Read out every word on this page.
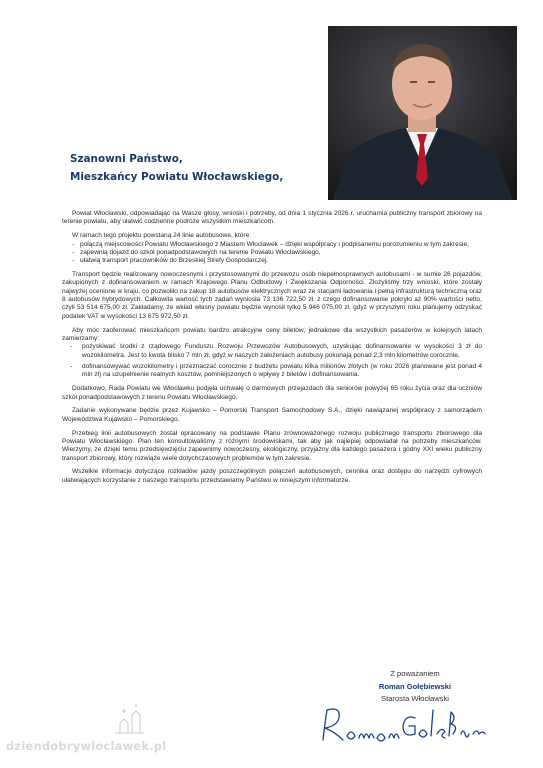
Szanowni Państwo,
Mieszkańcy Powiatu Włocławskiego,

Powiat Włocławski, odpowiadając na Wasze głosy, wnioski i potrzeby, od dnia 1 stycznia 2026 r. uruchamia publiczny transport zbiorowy na terenie powiatu, aby ułatwić codzienne podróże wszystkim mieszkańcom.

W ramach tego projektu powstaną 24 linie autobusowe, które:

- połączą miejscowości Powiatu Włocławskiego z Miastem Włocławek – dzięki współpracy i podpisanemu porozumieniu w tym zakresie,
- zapewnią dojazd do szkół ponadpodstawowych na terenie Powiatu Włocławskiego,
- ułatwią transport pracowników do Brzeskiej Strefy Gospodarczej.

Transport będzie realizowany nowoczesnymi i przystosowanymi do przewozu osób niepełnosprawnych autobusami - w sumie 26 pojazdów, zakupionych z dofinansowaniem w ramach Krajowego Planu Odbudowy i Zwiększania Odporności. Złożyliśmy trzy wnioski, które zostały najwyżej ocenione w kraju, co pozwoliło na zakup 18 autobusów elektrycznych wraz ze stacjami ładowania i pełną infrastrukturą techniczną oraz 8 autobusów hybrydowych. Całkowita wartość tych zadań wyniosła 73 136 722,50 zł, z czego dofinansowanie pokryło aż 90% wartości netto, czyli 53 514 675,00 zł. Zakładamy, że wkład własny powiatu będzie wynosił tylko 5 946 075,00 zł, gdyż w przyszłym roku planujemy odzyskać podatek VAT w wysokości 13 675 972,50 zł.

Aby móc zaoferować mieszkańcom powiatu bardzo atrakcyjne ceny biletów, jednakowe dla wszystkich pasażerów w kolejnych latach zamierzamy:

- pozyskiwać środki z rządowego Funduszu Rozwoju Przewozów Autobusowych, uzyskując dofinansowanie w wysokości 3 zł do wozokilometra. Jest to kwota blisko 7 mln zł, gdyż w naszych założeniach autobusy pokonają ponad 2,3 mln kilometrów corocznie,
- dofinansowywać wozokilometry i przeznaczać corocznie z budżetu powiatu kilka milionów złotych (w roku 2026 planowane jest ponad 4 mln zł) na uzupełnienie realnych kosztów, pomniejszonych o wpływy z biletów i dofinansowania.

Dodatkowo, Rada Powiatu we Włocławku podjęła uchwałę o darmowych przejazdach dla seniorów powyżej 65 roku życia oraz dla uczniów szkół ponadpodstawowych z terenu Powiatu Włocławskiego.

Zadanie wykonywane będzie przez Kujawsko – Pomorski Transport Samochodowy S.A., dzięki nawiązanej współpracy z samorządem Województwa Kujawsko – Pomorskiego.

Przebieg linii autobusowych został opracowany na podstawie Planu zrównoważonego rozwoju publicznego transportu zbiorowego dla Powiatu Włocławskiego. Plan ten konsultowaliśmy z różnymi środowiskami, tak aby jak najlepiej odpowiadał na potrzeby mieszkańców. Wierzymy, że dzięki temu przedsięwzięciu zapewnimy nowoczesny, ekologiczny, przyjazny dla każdego pasażera i godny XXI wieku publiczny transport zbiorowy, który rozwiąże wiele dotychczasowych problemów w tym zakresie.

Wszelkie informacje dotyczące rozkładów jazdy poszczególnych połączeń autobusowych, cennika oraz dostępu do narzędzi cyfrowych ułatwiających korzystanie z naszego transportu przedstawiamy Państwu w niniejszym informatorze.

Z poważaniem
Roman Gołębiewski
Starosta Włocławski
dziendobrywloclawek.pl
